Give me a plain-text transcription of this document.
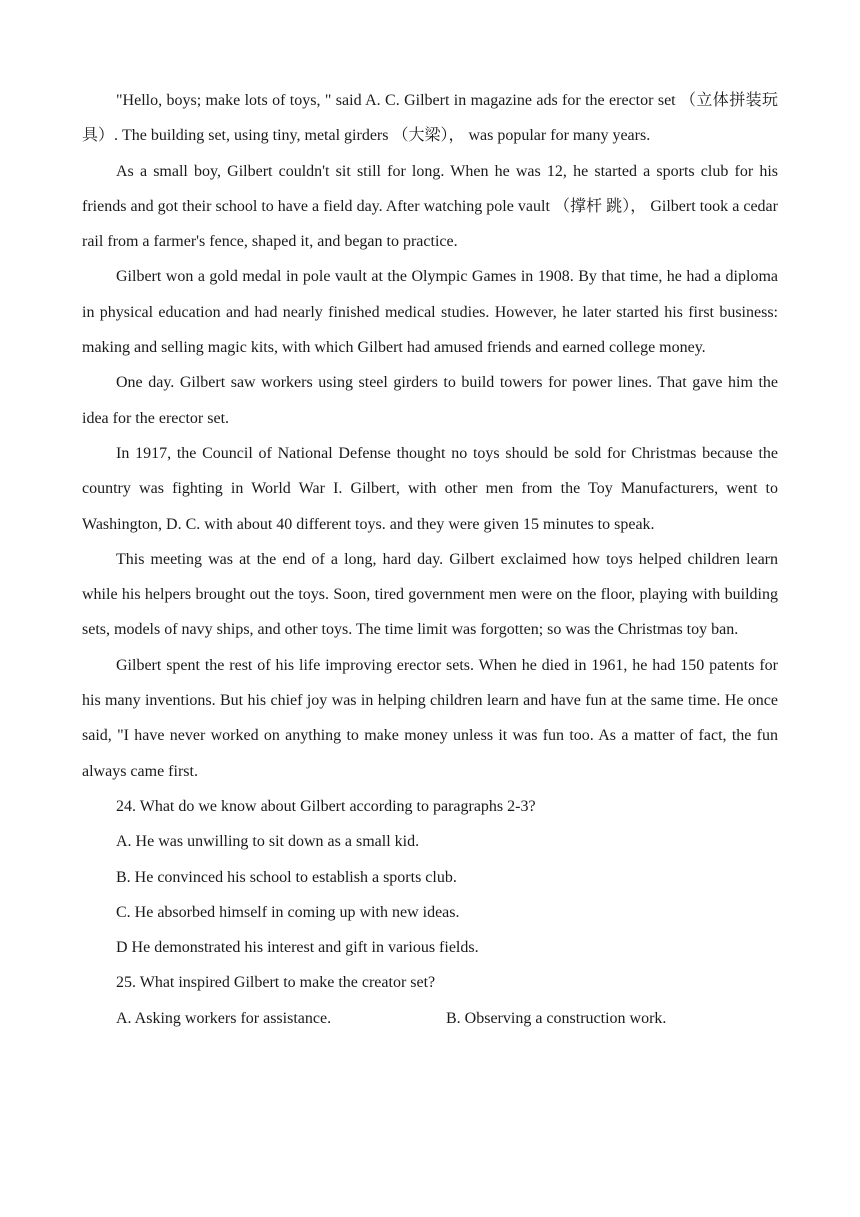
"Hello, boys; make lots of toys, " said A. C. Gilbert in magazine ads for the erector set （立体拼装玩具）. The building set, using tiny, metal girders （大梁）， was popular for many years.

As a small boy, Gilbert couldn't sit still for long. When he was 12, he started a sports club for his friends and got their school to have a field day. After watching pole vault （撑杆 跳）， Gilbert took a cedar rail from a farmer's fence, shaped it, and began to practice.

Gilbert won a gold medal in pole vault at the Olympic Games in 1908. By that time, he had a diploma in physical education and had nearly finished medical studies. However, he later started his first business: making and selling magic kits, with which Gilbert had amused friends and earned college money.

One day. Gilbert saw workers using steel girders to build towers for power lines. That gave him the idea for the erector set.

In 1917, the Council of National Defense thought no toys should be sold for Christmas because the country was fighting in World War I. Gilbert, with other men from the Toy Manufacturers, went to Washington, D. C. with about 40 different toys. and they were given 15 minutes to speak.

This meeting was at the end of a long, hard day. Gilbert exclaimed how toys helped children learn while his helpers brought out the toys. Soon, tired government men were on the floor, playing with building sets, models of navy ships, and other toys. The time limit was forgotten; so was the Christmas toy ban.

Gilbert spent the rest of his life improving erector sets. When he died in 1961, he had 150 patents for his many inventions. But his chief joy was in helping children learn and have fun at the same time. He once said, "I have never worked on anything to make money unless it was fun too. As a matter of fact, the fun always came first.

24. What do we know about Gilbert according to paragraphs 2-3?

A. He was unwilling to sit down as a small kid.

B. He convinced his school to establish a sports club.

C. He absorbed himself in coming up with new ideas.

D He demonstrated his interest and gift in various fields.

25. What inspired Gilbert to make the creator set?

A. Asking workers for assistance.	B. Observing a construction work.
